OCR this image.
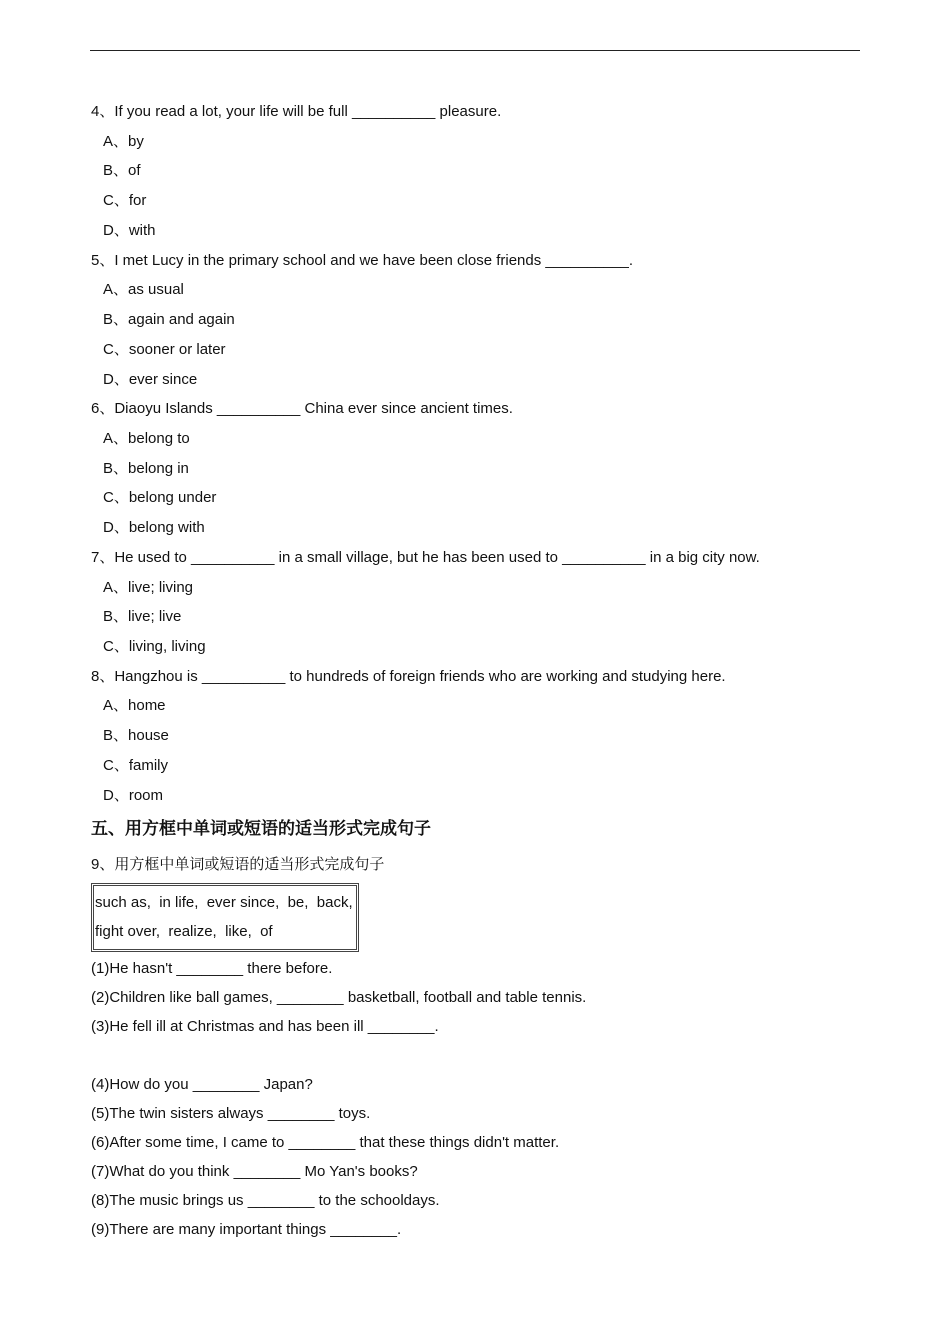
4、If you read a lot, your life will be full __________ pleasure.
A、by
B、of
C、for
D、with
5、I met Lucy in the primary school and we have been close friends __________.
A、as usual
B、again and again
C、sooner or later
D、ever since
6、Diaoyu Islands __________ China ever since ancient times.
A、belong to
B、belong in
C、belong under
D、belong with
7、He used to __________ in a small village, but he has been used to __________ in a big city now.
A、live; living
B、live; live
C、living, living
8、Hangzhou is __________ to hundreds of foreign friends who are working and studying here.
A、home
B、house
C、family
D、room
五、用方框中单词或短语的适当形式完成句子
9、用方框中单词或短语的适当形式完成句子
such as,  in life,  ever since,  be,  back,
fight over,  realize,  like,  of
(1)He hasn't ________ there before.
(2)Children like ball games, ________ basketball, football and table tennis.
(3)He fell ill at Christmas and has been ill ________.
(4)How do you ________ Japan?
(5)The twin sisters always ________ toys.
(6)After some time, I came to ________ that these things didn't matter.
(7)What do you think ________ Mo Yan's books?
(8)The music brings us ________ to the schooldays.
(9)There are many important things ________.
